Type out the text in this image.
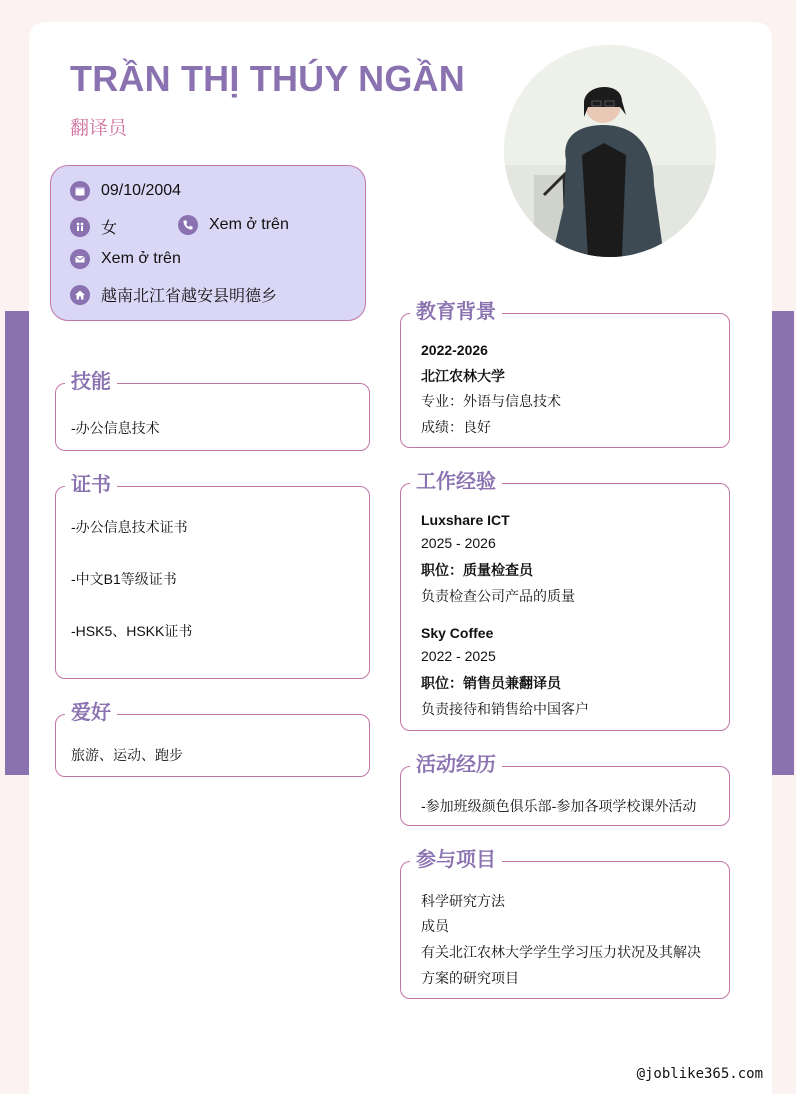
TRẦN THỊ THÚY NGẦN
翻译员
09/10/2004
女	Xem ở trên
Xem ở trên
越南北江省越安县明德乡
技能
-办公信息技术
证书
-办公信息技术证书
-中文B1等级证书
-HSK5、HSKK证书
爱好
旅游、运动、跑步
教育背景
2022-2026
北江农林大学
专业：外语与信息技术
成绩：良好
工作经验
Luxshare ICT
2025 - 2026
职位：质量检查员
负责检查公司产品的质量
Sky Coffee
2022 - 2025
职位：销售员兼翻译员
负责接待和销售给中国客户
活动经历
-参加班级颜色俱乐部-参加各项学校课外活动
参与项目
科学研究方法
成员
有关北江农林大学学生学习压力状况及其解决
方案的研究项目
@joblike365.com
